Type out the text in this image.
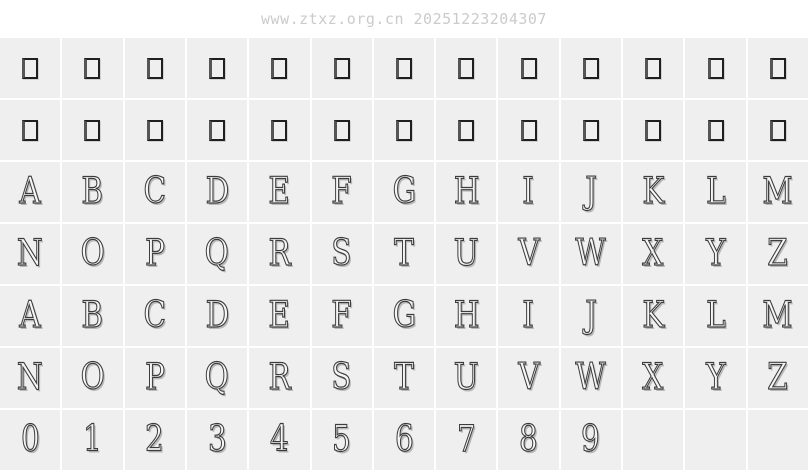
www.ztxz.org.cn 20251223204307
A B C D E F G H I J K L M
N O P Q R S T U V W X Y Z
A B C D E F G H I J K L M
N O P Q R S T U V W X Y Z
0 1 2 3 4 5 6 7 8 9
